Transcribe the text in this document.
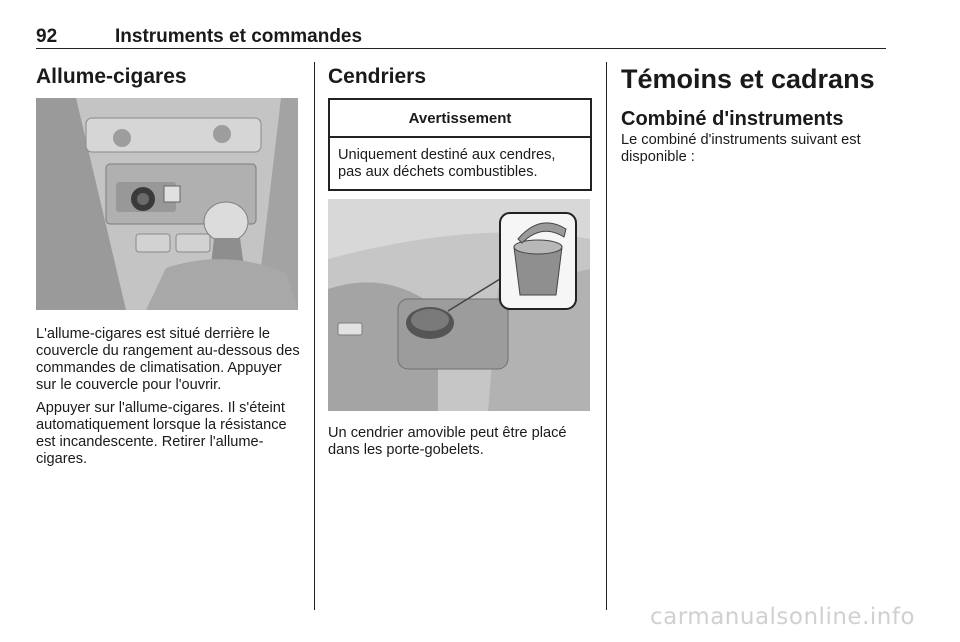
92	Instruments et commandes
Allume-cigares

L'allume-cigares est situé derrière le couvercle du rangement au-dessous des commandes de climatisation. Appuyer sur le couvercle pour l'ouvrir.

Appuyer sur l'allume-cigares. Il s'éteint automatiquement lorsque la résistance est incandescente. Retirer l'allume-cigares.

Cendriers
Avertissement
Uniquement destiné aux cendres, pas aux déchets combustibles.

Un cendrier amovible peut être placé dans les porte-gobelets.

Témoins et cadrans
Combiné d'instruments

Le combiné d'instruments suivant est disponible :

carmanualsonline.info
